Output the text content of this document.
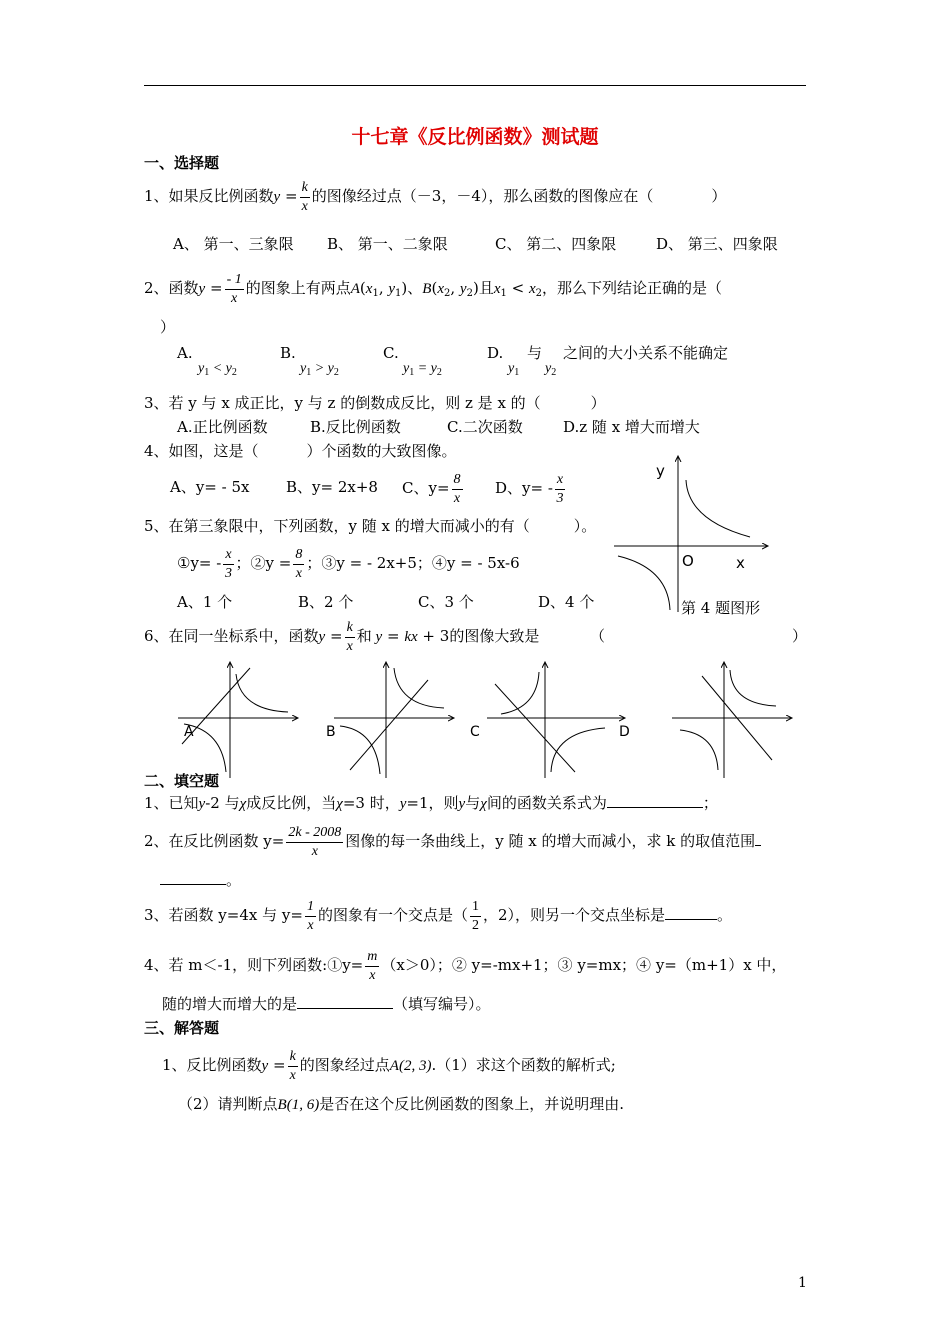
十七章《反比例函数》测试题
一、选择题
1、如果反比例函数$y = \frac{k}{x}$ 的图像经过点（－3，－4），那么函数的图像应在（	）
A、 第一、三象限 B、 第一、二象限	C、 第二、四象限	D、 第三、四象限
2、函数$y = \frac{- 1}{x}$ 的图象上有两点$A(x_1$, $y_1$)、$B(x_2$, $y_2$)且$x_1 < x_2$，那么下列结论正确的是（
）
A.
$y_1 < y_2$
B.
$y_1 > y_2$
C.
$y_1 = y_2$
D.
$y_1$
与
$y_2$
之间的大小关系不能确定
3、若 y 与 x 成正比，y 与 z 的倒数成反比，则 z 是 x 的（	）
A.正比例函数	B.反比例函数	C.二次函数	D.z 随 x 增大而增大
4、如图，这是（	）个函数的大致图像。
A、y= - 5x B、y= 2x+8 C、$y= \frac{8}{x}$ D、$y= - \frac{x}{3}$
y
x
O
第 4 题图形
5、在第三象限中，下列函数，y 随 x 的增大而减小的有（	）。
①y= - $\frac{x}{3}$ ；②y = $\frac{8}{x}$ ；③y = - 2x+5；④y = - 5x-6
A、1 个	B、2 个	C、3 个	D、4 个
6、在同一坐标系中，函数$y = \frac{k}{x}$ 和 y = kx + 3的图像大致是	（	）
A	B	C	D
二、填空题
1、已知y-2 与χ成反比例，当χ=3 时，y=1，则y与χ间的函数关系式为	；
2、在反比例函数 $y= \frac{2k - 2008}{x}$ 图像的每一条曲线上，y 随 x 的增大而减小，求 k 的取值范围
。
3、若函数 y=4x 与 $y= \frac{1}{x}$ 的图象有一个交点是（ $\frac{1}{2}$ ，2），则另一个交点坐标是	。
4、若 m＜-1，则下列函数:①y= $\frac{m}{x} (x>0)$；② y=-mx+1；③ y=mx；④ y=（m+1）x 中，
随的增大而增大的是	（填写编号）。
三、解答题
1、反比例函数$y = \frac{k}{x}$ 的图象经过点A(2, 3).（1）求这个函数的解析式;
（2）请判断点B(1, 6)是否在这个反比例函数的图象上，并说明理由.
1
